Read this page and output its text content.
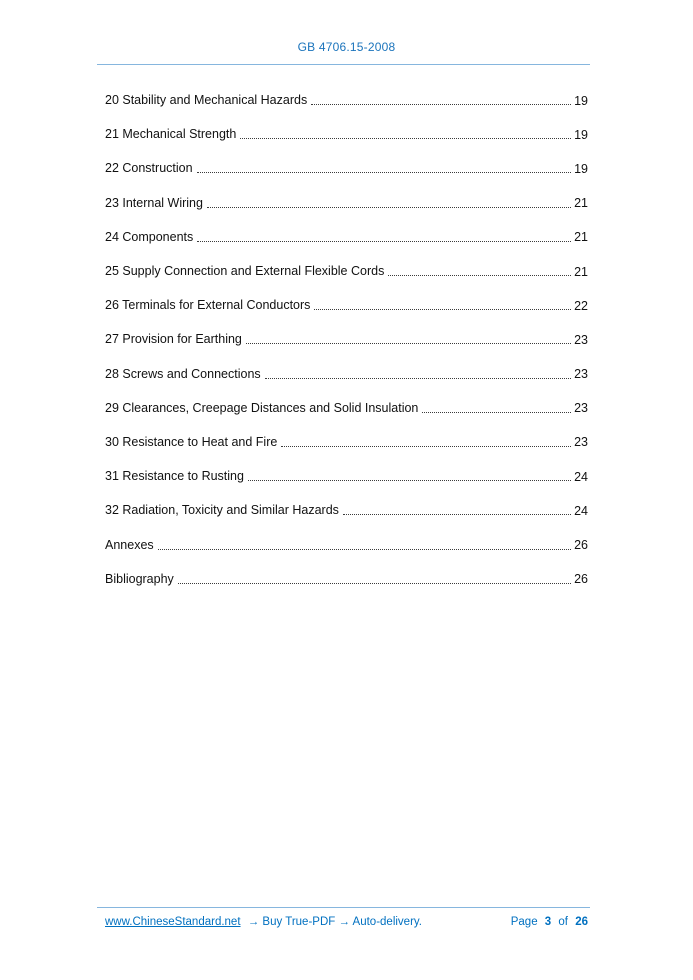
GB 4706.15-2008
20 Stability and Mechanical Hazards	19
21 Mechanical Strength	19
22 Construction	19
23 Internal Wiring	21
24 Components	21
25 Supply Connection and External Flexible Cords	21
26 Terminals for External Conductors	22
27 Provision for Earthing	23
28 Screws and Connections	23
29 Clearances, Creepage Distances and Solid Insulation	23
30 Resistance to Heat and Fire	23
31 Resistance to Rusting	24
32 Radiation, Toxicity and Similar Hazards	24
Annexes	26
Bibliography	26
www.ChineseStandard.net → Buy True-PDF → Auto-delivery.	Page 3 of 26
